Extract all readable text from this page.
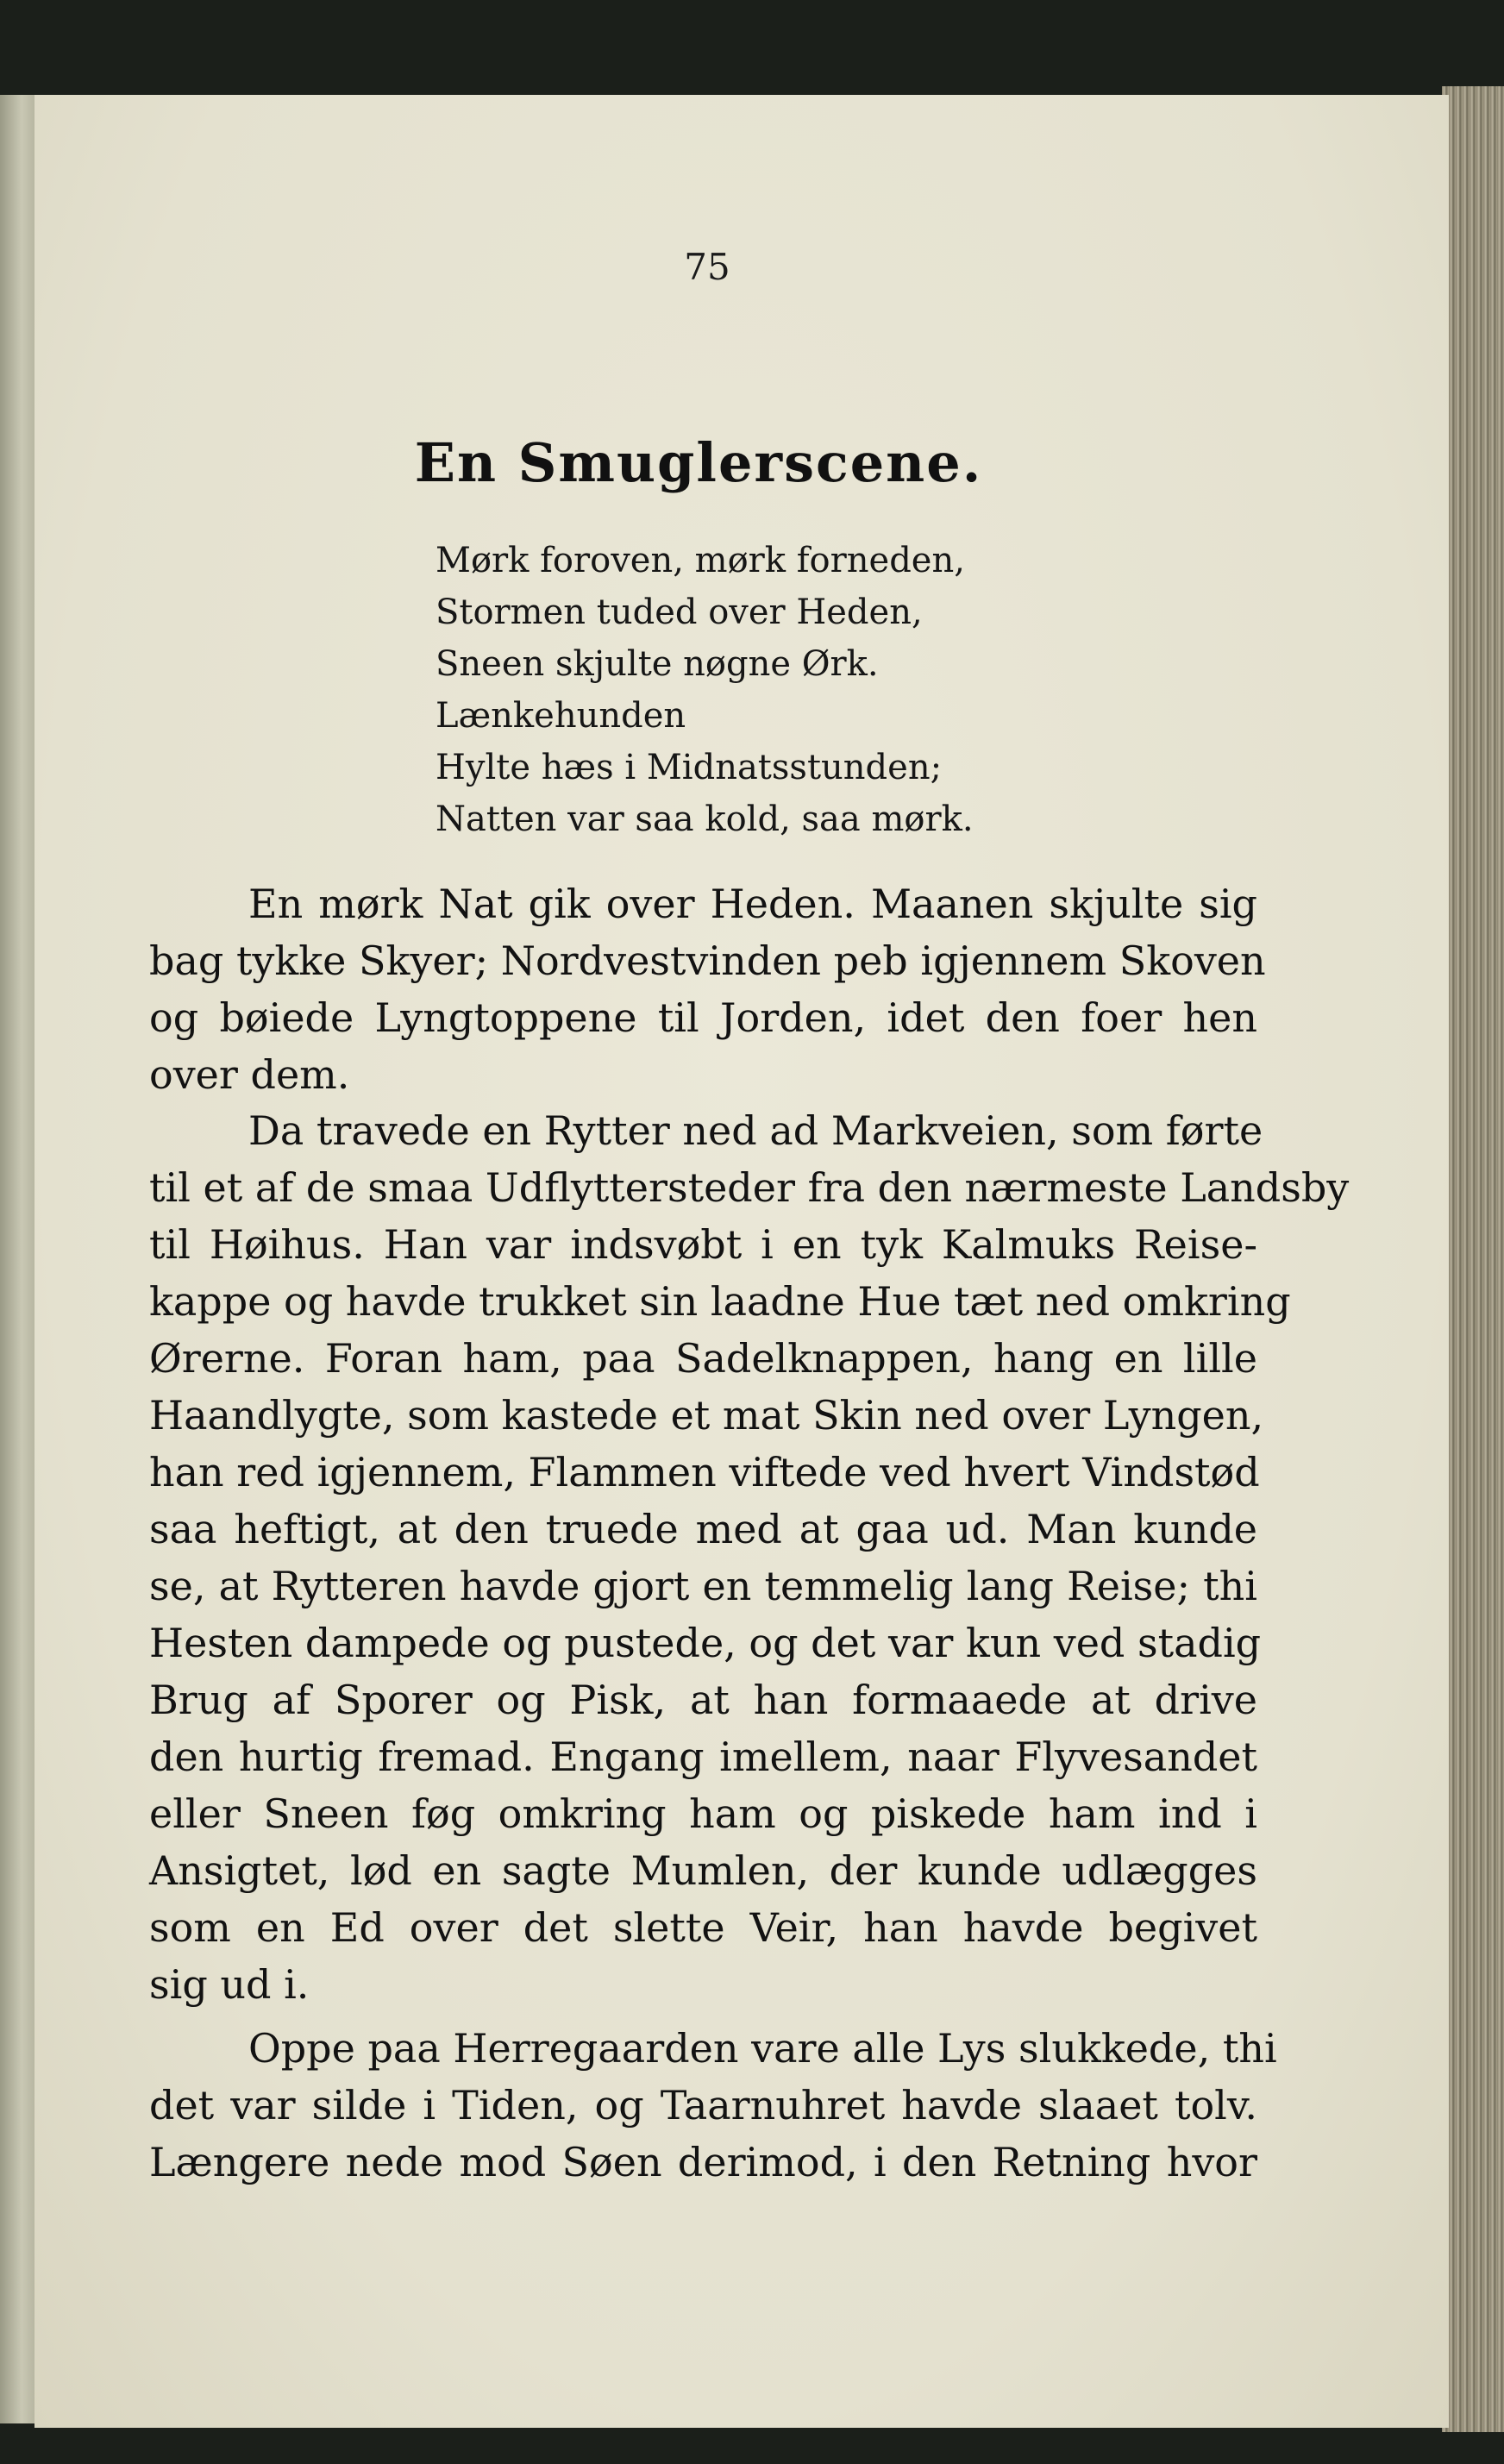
75
En Smuglerscene.
Mørk foroven, mørk forneden,
Stormen tuded over Heden,
Sneen skjulte nøgne Ørk.
Lænkehunden
Hylte hæs i Midnatsstunden;
Natten var saa kold, saa mørk.
En mørk Nat gik over Heden. Maanen skjulte sig
bag tykke Skyer; Nordvestvinden peb igjennem Skoven
og bøiede Lyngtoppene til Jorden, idet den foer hen
over dem.
Da travede en Rytter ned ad Markveien, som førte
til et af de smaa Udflyttersteder fra den nærmeste Landsby
til Høihus. Han var indsvøbt i en tyk Kalmuks Reise-
kappe og havde trukket sin laadne Hue tæt ned omkring
Ørerne. Foran ham, paa Sadelknappen, hang en lille
Haandlygte, som kastede et mat Skin ned over Lyngen,
han red igjennem, Flammen viftede ved hvert Vindstød
saa heftigt, at den truede med at gaa ud. Man kunde
se, at Rytteren havde gjort en temmelig lang Reise; thi
Hesten dampede og pustede, og det var kun ved stadig
Brug af Sporer og Pisk, at han formaaede at drive
den hurtig fremad. Engang imellem, naar Flyvesandet
eller Sneen føg omkring ham og piskede ham ind i
Ansigtet, lød en sagte Mumlen, der kunde udlægges
som en Ed over det slette Veir, han havde begivet
sig ud i.
Oppe paa Herregaarden vare alle Lys slukkede, thi
det var silde i Tiden, og Taarnuhret havde slaaet tolv.
Længere nede mod Søen derimod, i den Retning hvor
